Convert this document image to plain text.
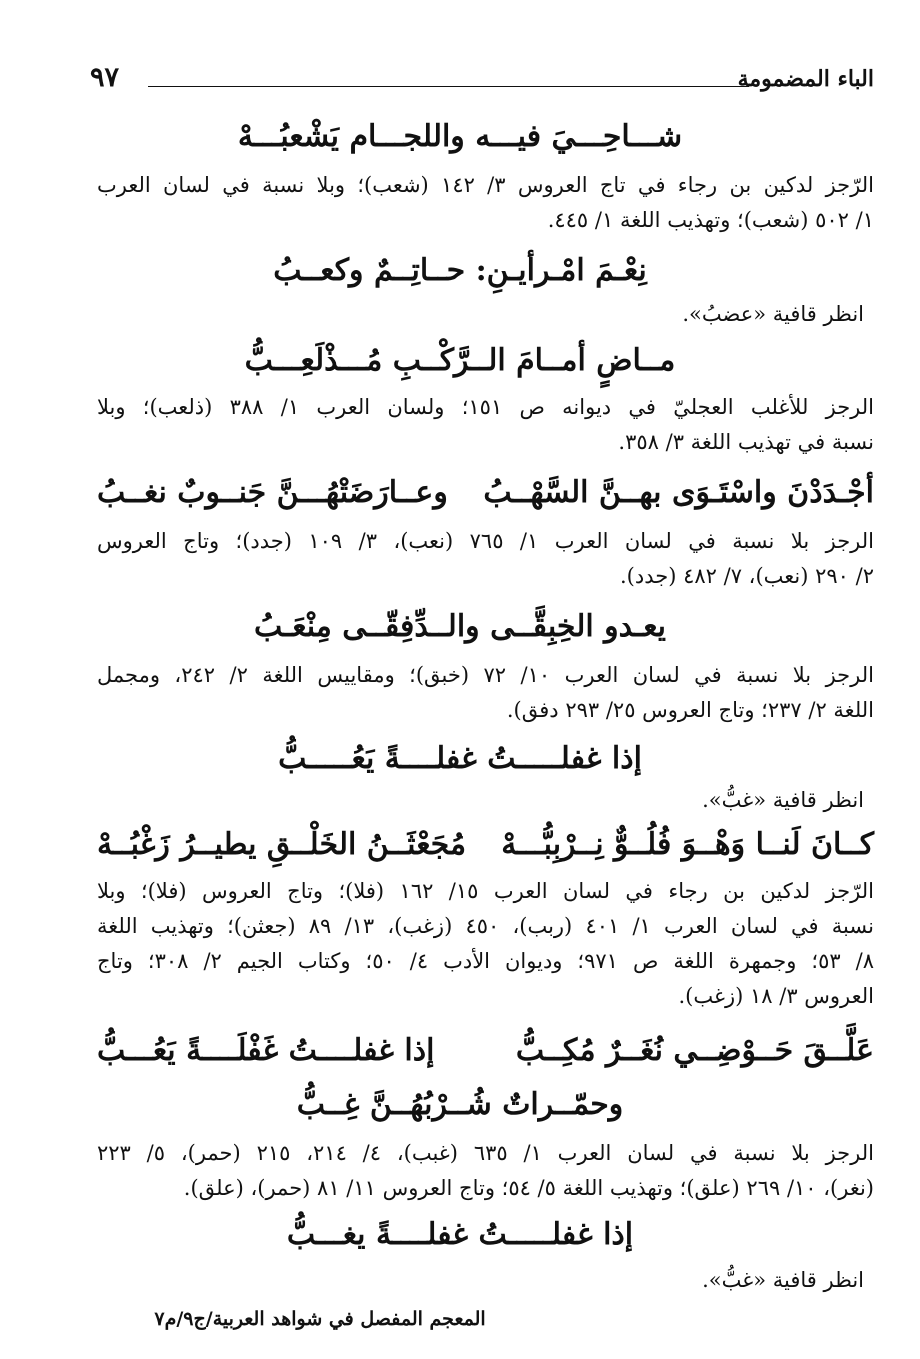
الباء المضمومة
٩٧
شـــاحِـــيَ فيـــه واللجـــام يَشْعبُـــهْ
الرّجز لدكين بن رجاء في تاج العروس ٣/ ١٤٢ (شعب)؛ وبلا نسبة في لسان العرب
١/ ٥٠٢ (شعب)؛ وتهذيب اللغة ١/ ٤٤٥.
نِعْـمَ امْـرأيـنِ: حــاتِــمٌ وكعــبُ
انظر قافية «عضبُ».
مــاضٍ أمــامَ الــرَّكْــبِ مُـــذْلَعِـــبُّ
الرجز للأغلب العجليّ في ديوانه ص ١٥١؛ ولسان العرب ١/ ٣٨٨ (ذلعب)؛ وبلا
نسبة في تهذيب اللغة ٣/ ٣٥٨.
أجْـدَدْنَ واسْتَـوَى بهــنَّ السَّهْــبُ
وعــارَضَتْهُـــنَّ جَنــوبٌ نغــبُ
الرجز بلا نسبة في لسان العرب ١/ ٧٦٥ (نعب)، ٣/ ١٠٩ (جدد)؛ وتاج العروس
٢/ ٢٩٠ (نعب)، ٧/ ٤٨٢ (جدد).
يعـدو الخِبِقَّــى والــدِّفِقّــى مِنْعَـبُ
الرجز بلا نسبة في لسان العرب ١٠/ ٧٢ (خبق)؛ ومقاييس اللغة ٢/ ٢٤٢، ومجمل
اللغة ٢/ ٢٣٧؛ وتاج العروس ٢٥/ ٢٩٣ دفق).
إذا غفلـــــتُ غفلــــةً يَعُـــــبُّ
انظر قافية «غبُّ».
كــانَ لَنــا وَهْــوَ فُلُــوٌّ نِــرْبِبُّـــهْ
مُجَعْثَــنُ الخَلْــقِ يطيــرُ زَغْبُــهْ
الرّجز لدكين بن رجاء في لسان العرب ١٥/ ١٦٢ (فلا)؛ وتاج العروس (فلا)؛ وبلا
نسبة في لسان العرب ١/ ٤٠١ (ربب)، ٤٥٠ (زغب)، ١٣/ ٨٩ (جعثن)؛ وتهذيب اللغة
٨/ ٥٣؛ وجمهرة اللغة ص ٩٧١؛ وديوان الأدب ٤/ ٥٠؛ وكتاب الجيم ٢/ ٣٠٨؛ وتاج
العروس ٣/ ١٨ (زغب).
عَلَّــقَ حَــوْضِــي نُغَــرٌ مُكِــبُّ
إذا غفلــــتُ غَفْلَــــةً يَعُـــبُّ
وحمّــراتٌ شُــرْبُهُــنَّ غِــبُّ
الرجز بلا نسبة في لسان العرب ١/ ٦٣٥ (غبب)، ٤/ ٢١٤، ٢١٥ (حمر)، ٥/ ٢٢٣
(نغر)، ١٠/ ٢٦٩ (علق)؛ وتهذيب اللغة ٥/ ٥٤؛ وتاج العروس ١١/ ٨١ (حمر)، (علق).
إذا غفلـــــتُ غفلــــةً يغـــبُّ
انظر قافية «غبُّ».
المعجم المفصل في شواهد العربية/ج٩/م٧
